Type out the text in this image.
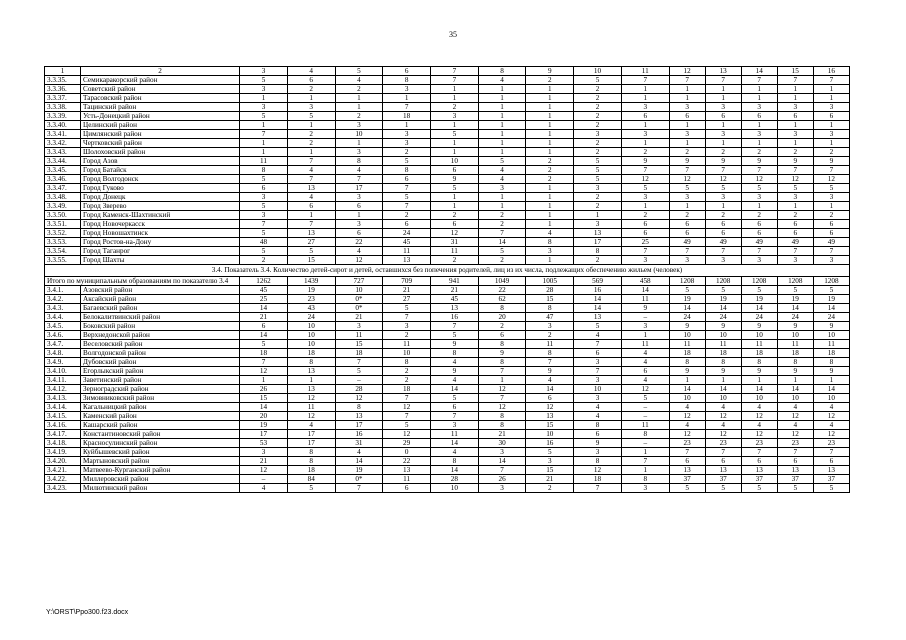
35
1	2	3	4	5	6	7	8	9	10	11	12	13	14	15	16
3.3.35.	Семикаракорский район	5	6	4	8	7	4	2	5	7	7	7	7	7	7
3.3.36.	Советский район	3	2	2	3	1	1	1	2	1	1	1	1	1	1
3.3.37.	Тарасовский район	1	1	1	1	1	1	1	2	1	1	1	1	1	1
3.3.38.	Тацинский район	3	3	1	7	2	1	1	2	3	3	3	3	3	3
3.3.39.	Усть-Донецкий район	5	5	2	18	3	1	1	2	6	6	6	6	6	6
3.3.40.	Целинский район	1	1	3	1	1	1	1	2	1	1	1	1	1	1
3.3.41.	Цимлянский район	7	2	10	3	5	1	1	3	3	3	3	3	3	3
3.3.42.	Чертковский район	1	2	1	3	1	1	1	2	1	1	1	1	1	1
3.3.43.	Шолоховский район	1	1	3	2	1	1	1	2	2	2	2	2	2	2
3.3.44.	Город Азов	11	7	8	5	10	5	2	5	9	9	9	9	9	9
3.3.45.	Город Батайск	8	4	4	8	6	4	2	5	7	7	7	7	7	7
3.3.46.	Город Волгодонск	5	7	7	6	9	4	2	5	12	12	12	12	12	12
3.3.47.	Город Гуково	6	13	17	7	5	3	1	3	5	5	5	5	5	5
3.3.48.	Город Донецк	3	4	3	5	1	1	1	2	3	3	3	3	3	3
3.3.49.	Город Зверево	5	6	6	7	1	1	1	2	1	1	1	1	1	1
3.3.50.	Город Каменск-Шахтинский	3	1	1	2	2	2	1	1	2	2	2	2	2	2
3.3.51.	Город Новочеркасск	7	7	3	6	6	2	1	3	6	6	6	6	6	6
3.3.52.	Город Новошахтинск	5	13	6	24	12	7	4	13	6	6	6	6	6	6
3.3.53.	Город Ростов-на-Дону	48	27	22	45	31	14	8	17	25	49	49	49	49	49
3.3.54.	Город Таганрог	5	5	4	11	11	5	3	8	7	7	7	7	7	7
3.3.55.	Город Шахты	2	15	12	13	2	2	1	2	3	3	3	3	3	3
3.4. Показатель 3.4. Количество детей-сирот и детей, оставшихся без попечения родителей, лиц из их числа, подлежащих обеспечению жильем (человек)															
Итого по муниципальным образованиям по показателю 3.4		1262	1439	727	709	941	1049	1005	569	458	1208	1208	1208	1208	1208
3.4.1.	Азовский район	45	19	10	21	21	22	28	16	14	5	5	5	5	5
3.4.2.	Аксайский район	25	23	0*	27	45	62	15	14	11	19	19	19	19	19
3.4.3.	Багаевский район	14	43	0*	5	13	8	8	14	9	14	14	14	14	14
3.4.4.	Белокалитвинский район	21	24	21	7	16	20	47	13	–	24	24	24	24	24
3.4.5.	Боковский район	6	10	3	3	7	2	3	5	3	9	9	9	9	9
3.4.6.	Верхнедонской район	14	10	11	2	5	6	2	4	1	10	10	10	10	10
3.4.7.	Веселовский район	5	10	15	11	9	8	11	7	11	11	11	11	11	11
3.4.8.	Волгодонской район	18	18	18	10	8	9	8	6	4	18	18	18	18	18
3.4.9.	Дубовский район	7	8	7	8	4	8	7	3	4	8	8	8	8	8
3.4.10.	Егорлыкский район	12	13	5	2	9	7	9	7	6	9	9	9	9	9
3.4.11.	Заветинский район	1	1	–	2	4	1	4	3	4	1	1	1	1	1
3.4.12.	Зерноградский район	26	13	28	18	14	12	14	10	12	14	14	14	14	14
3.4.13.	Зимовниковский район	15	12	12	7	5	7	6	3	5	10	10	10	10	10
3.4.14.	Кагальницкий район	14	11	8	12	6	12	12	4	–	4	4	4	4	4
3.4.15.	Каменский район	20	12	13	7	7	8	13	4	–	12	12	12	12	12
3.4.16.	Кашарский район	19	4	17	5	3	8	15	8	11	4	4	4	4	4
3.4.17.	Константиновский район	17	17	16	12	11	21	10	6	8	12	12	12	12	12
3.4.18.	Красносулинский район	53	17	31	29	14	30	16	9	–	23	23	23	23	23
3.4.19.	Куйбышевский район	3	8	4	0	4	3	5	3	1	7	7	7	7	7
3.4.20.	Мартыновский район	21	8	14	22	8	14	3	8	7	6	6	6	6	6
3.4.21.	Матвеево-Курганский район	12	18	19	13	14	7	15	12	1	13	13	13	13	13
3.4.22.	Миллеровский район	–	84	0*	11	28	26	21	18	8	37	37	37	37	37
3.4.23.	Милютинский район	4	5	7	6	10	3	2	7	3	5	5	5	5	5
Y:\ORST\Ppo300.f23.docx
